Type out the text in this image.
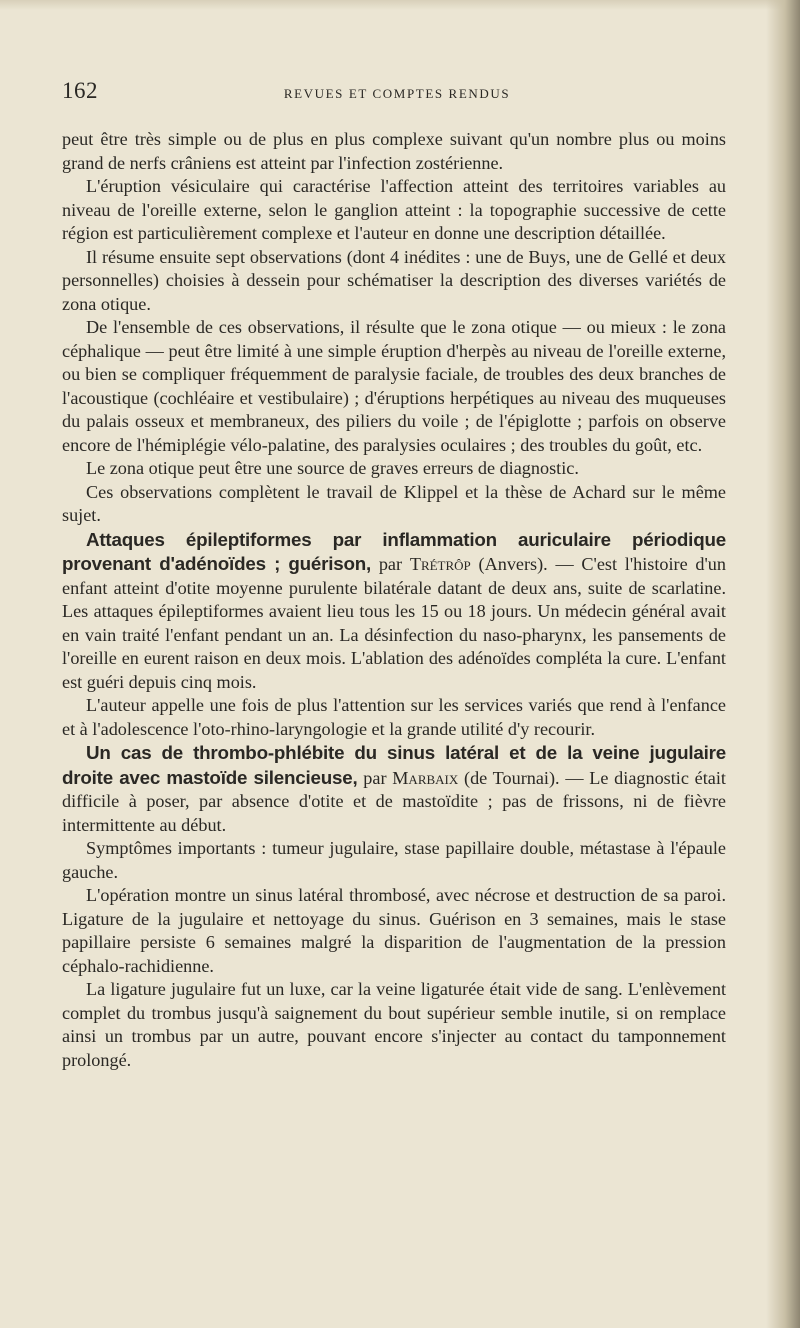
162	REVUES ET COMPTES RENDUS

peut être très simple ou de plus en plus complexe suivant qu'un nombre plus ou moins grand de nerfs crâniens est atteint par l'infection zostérienne.

L'éruption vésiculaire qui caractérise l'affection atteint des territoires variables au niveau de l'oreille externe, selon le ganglion atteint : la topographie successive de cette région est particulièrement complexe et l'auteur en donne une description détaillée.

Il résume ensuite sept observations (dont 4 inédites : une de Buys, une de Gellé et deux personnelles) choisies à dessein pour schématiser la description des diverses variétés de zona otique.

De l'ensemble de ces observations, il résulte que le zona otique — ou mieux : le zona céphalique — peut être limité à une simple éruption d'herpès au niveau de l'oreille externe, ou bien se compliquer fréquemment de paralysie faciale, de troubles des deux branches de l'acoustique (cochléaire et vestibulaire) ; d'éruptions herpétiques au niveau des muqueuses du palais osseux et membraneux, des piliers du voile ; de l'épiglotte ; parfois on observe encore de l'hémiplégie vélo-palatine, des paralysies oculaires ; des troubles du goût, etc.

Le zona otique peut être une source de graves erreurs de diagnostic.

Ces observations complètent le travail de Klippel et la thèse de Achard sur le même sujet.

Attaques épileptiformes par inflammation auriculaire périodique provenant d'adénoïdes ; guérison, par Trétrôp (Anvers). — C'est l'histoire d'un enfant atteint d'otite moyenne purulente bilatérale datant de deux ans, suite de scarlatine. Les attaques épileptiformes avaient lieu tous les 15 ou 18 jours. Un médecin général avait en vain traité l'enfant pendant un an. La désinfection du naso-pharynx, les pansements de l'oreille en eurent raison en deux mois. L'ablation des adénoïdes compléta la cure. L'enfant est guéri depuis cinq mois.

L'auteur appelle une fois de plus l'attention sur les services variés que rend à l'enfance et à l'adolescence l'oto-rhino-laryngologie et la grande utilité d'y recourir.

Un cas de thrombo-phlébite du sinus latéral et de la veine jugulaire droite avec mastoïde silencieuse, par Marbaix (de Tournai). — Le diagnostic était difficile à poser, par absence d'otite et de mastoïdite ; pas de frissons, ni de fièvre intermittente au début.

Symptômes importants : tumeur jugulaire, stase papillaire double, métastase à l'épaule gauche.

L'opération montre un sinus latéral thrombosé, avec nécrose et destruction de sa paroi. Ligature de la jugulaire et nettoyage du sinus. Guérison en 3 semaines, mais le stase papillaire persiste 6 semaines malgré la disparition de l'augmentation de la pression céphalo-rachidienne.

La ligature jugulaire fut un luxe, car la veine ligaturée était vide de sang. L'enlèvement complet du trombus jusqu'à saignement du bout supérieur semble inutile, si on remplace ainsi un trombus par un autre, pouvant encore s'injecter au contact du tamponnement prolongé.
